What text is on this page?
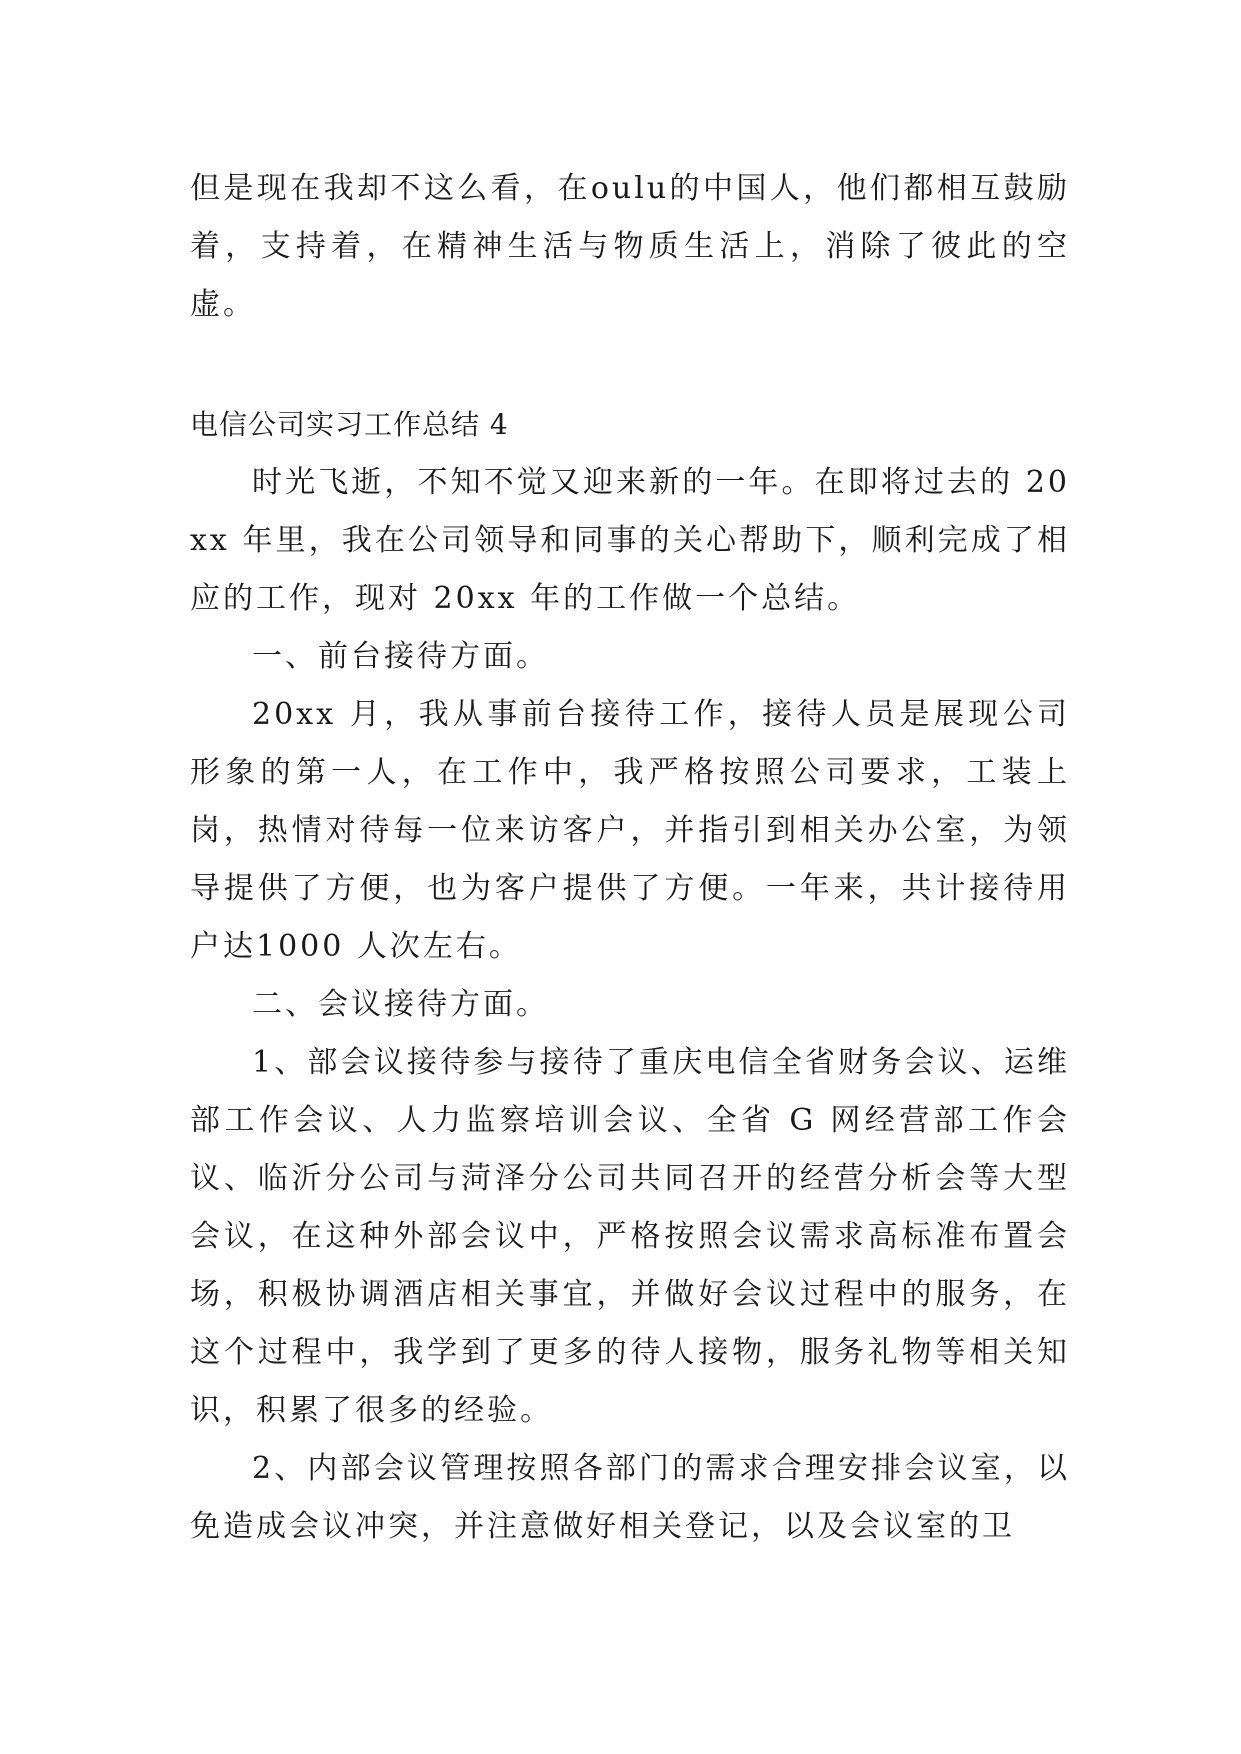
但是现在我却不这么看，在oulu的中国人，他们都相互鼓励着，支持着，在精神生活与物质生活上，消除了彼此的空虚。

电信公司实习工作总结 4

时光飞逝，不知不觉又迎来新的一年。在即将过去的 20xx 年里，我在公司领导和同事的关心帮助下，顺利完成了相应的工作，现对 20xx 年的工作做一个总结。

一、前台接待方面。

20xx 月，我从事前台接待工作，接待人员是展现公司形象的第一人，在工作中，我严格按照公司要求，工装上岗，热情对待每一位来访客户，并指引到相关办公室，为领导提供了方便，也为客户提供了方便。一年来，共计接待用户达1000 人次左右。

二、会议接待方面。

1、部会议接待参与接待了重庆电信全省财务会议、运维部工作会议、人力监察培训会议、全省 G 网经营部工作会议、临沂分公司与菏泽分公司共同召开的经营分析会等大型会议，在这种外部会议中，严格按照会议需求高标准布置会场，积极协调酒店相关事宜，并做好会议过程中的服务，在这个过程中，我学到了更多的待人接物，服务礼物等相关知识，积累了很多的经验。

2、内部会议管理按照各部门的需求合理安排会议室，以免造成会议冲突，并注意做好相关登记，以及会议室的卫
